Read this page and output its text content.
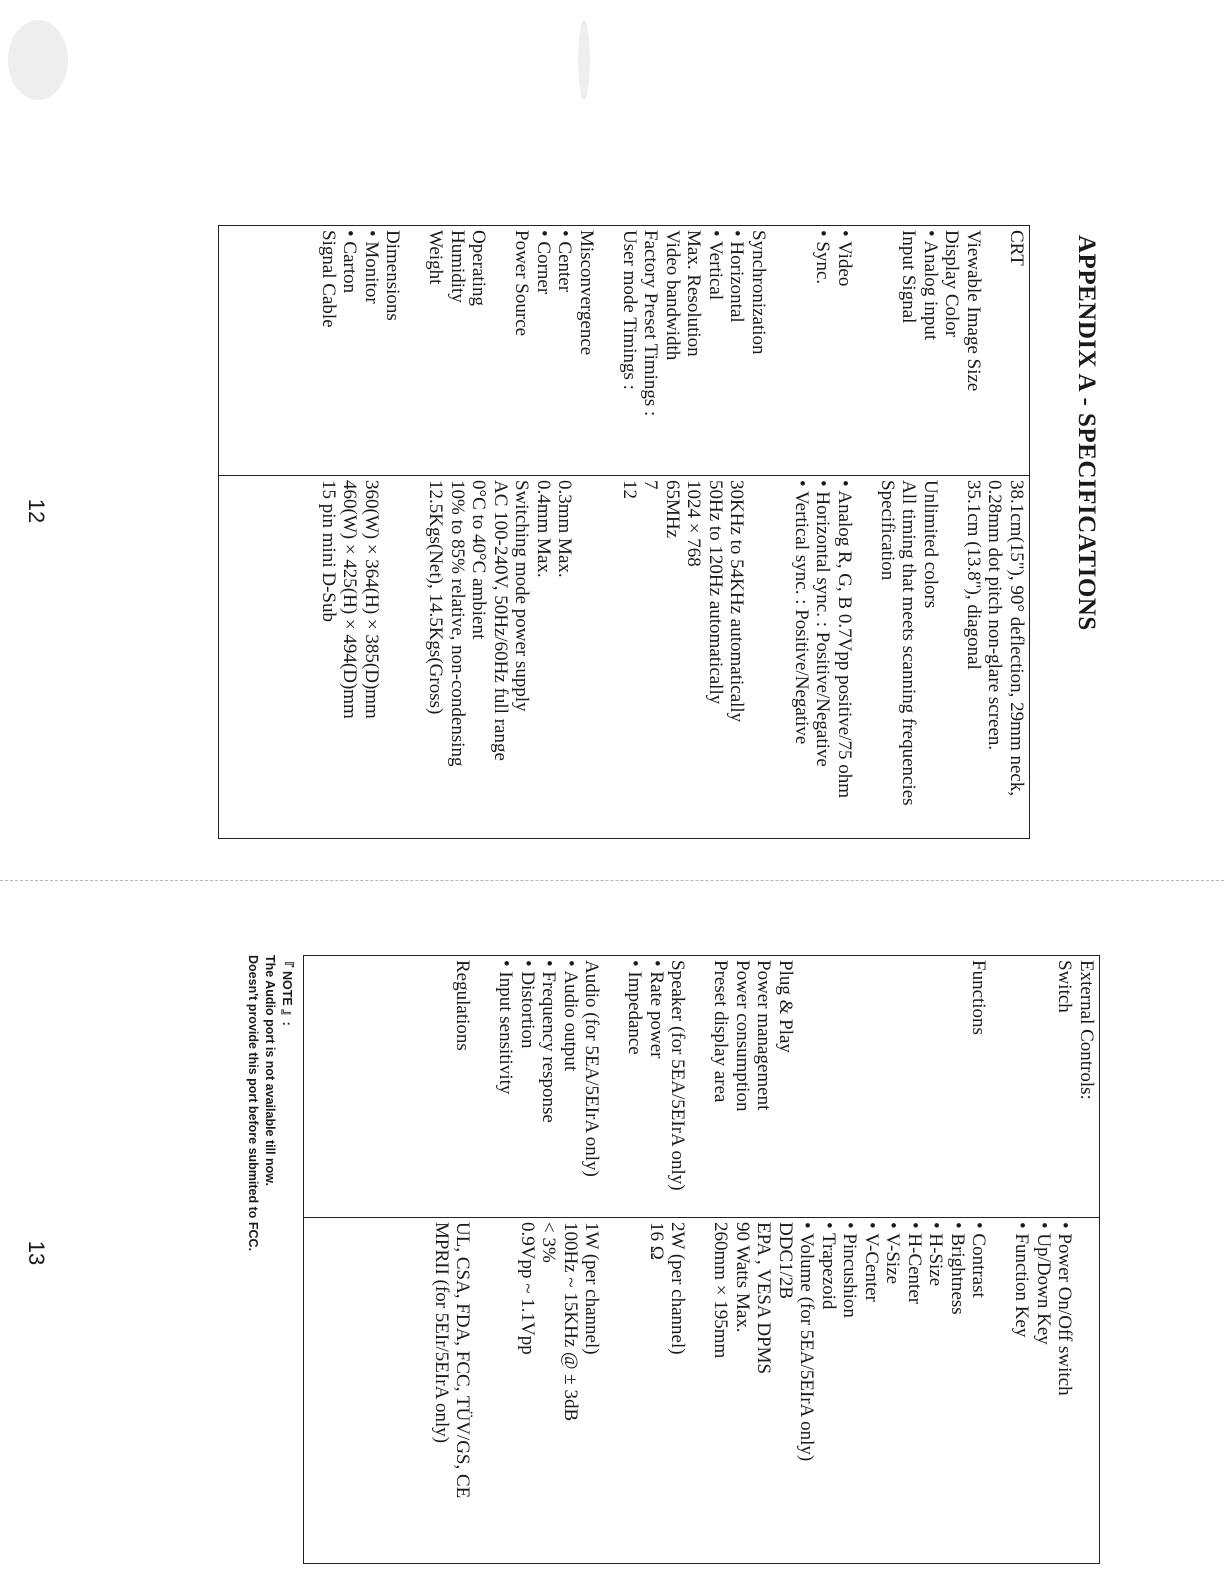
12	APPENDIX A - SPECIFICATIONS
CRT
Viewable Image Size
Display Color
• Analog input
Input Signal
• Video
• Sync.
Synchronization
• Horizontal
• Vertical
Max. Resolution
Video bandwidth
Factory Preset Timings :
User mode Timings :
Misconvergence
• Center
• Corner
Power Source
Operating
Humidity
Weight
Dimensions
• Monitor
• Carton
Signal Cable
38.1cm(15"), 90° deflection, 29mm neck,
0.28mm dot pitch non-glare screen.
35.1cm (13.8"), diagonal
Unlimited colors
All timing that meets scanning frequencies
Specification
• Analog R, G, B 0.7Vpp positive/75 ohm
• Horizontal sync. : Positive/Negative
• Vertical sync. : Positive/Negative
30KHz to 54KHz automatically
50Hz to 120Hz automatically
1024 × 768
65MHz
7
12
0.3mm Max.
0.4mm Max.
Switching mode power supply
AC 100-240V, 50Hz/60Hz full range
0°C to 40°C ambient
10% to 85% relative, non-condensing
12.5Kgs(Net), 14.5Kgs(Gross)
360(W) × 364(H) × 385(D)mm
460(W) × 425(H) × 494(D)mm
15 pin mini D-Sub
13
External Controls:
Switch
Functions
Plug & Play
Power management
Power consumption
Preset display area
Speaker (for 5EA/5EIrA only)
• Rate power
• Impedance
Audio (for 5EA/5EIrA only)
• Audio output
• Frequency response
• Distortion
• Input sensitivity
Regulations
• Power On/Off switch
• Up/Down Key
• Function Key
• Contrast
• Brightness
• H-Size
• H-Center
• V-Size
• V-Center
• Pincushion
• Trapezoid
• Volume (for 5EA/5EIrA only)
DDC1/2B
EPA , VESA DPMS
90 Watts Max.
260mm × 195mm
2W (per channel)
16 Ω
1W (per channel)
100Hz ~ 15KHz @ ± 3dB
< 3%
0.9Vpp ~ 1.1Vpp
UL, CSA, FDA, FCC, TÜV/GS, CE
MPRII (for 5EIr/5EIrA only)
『 NOTE 』:
The Audio port is not available till now.
Doesn't provide this port before submited to FCC.
